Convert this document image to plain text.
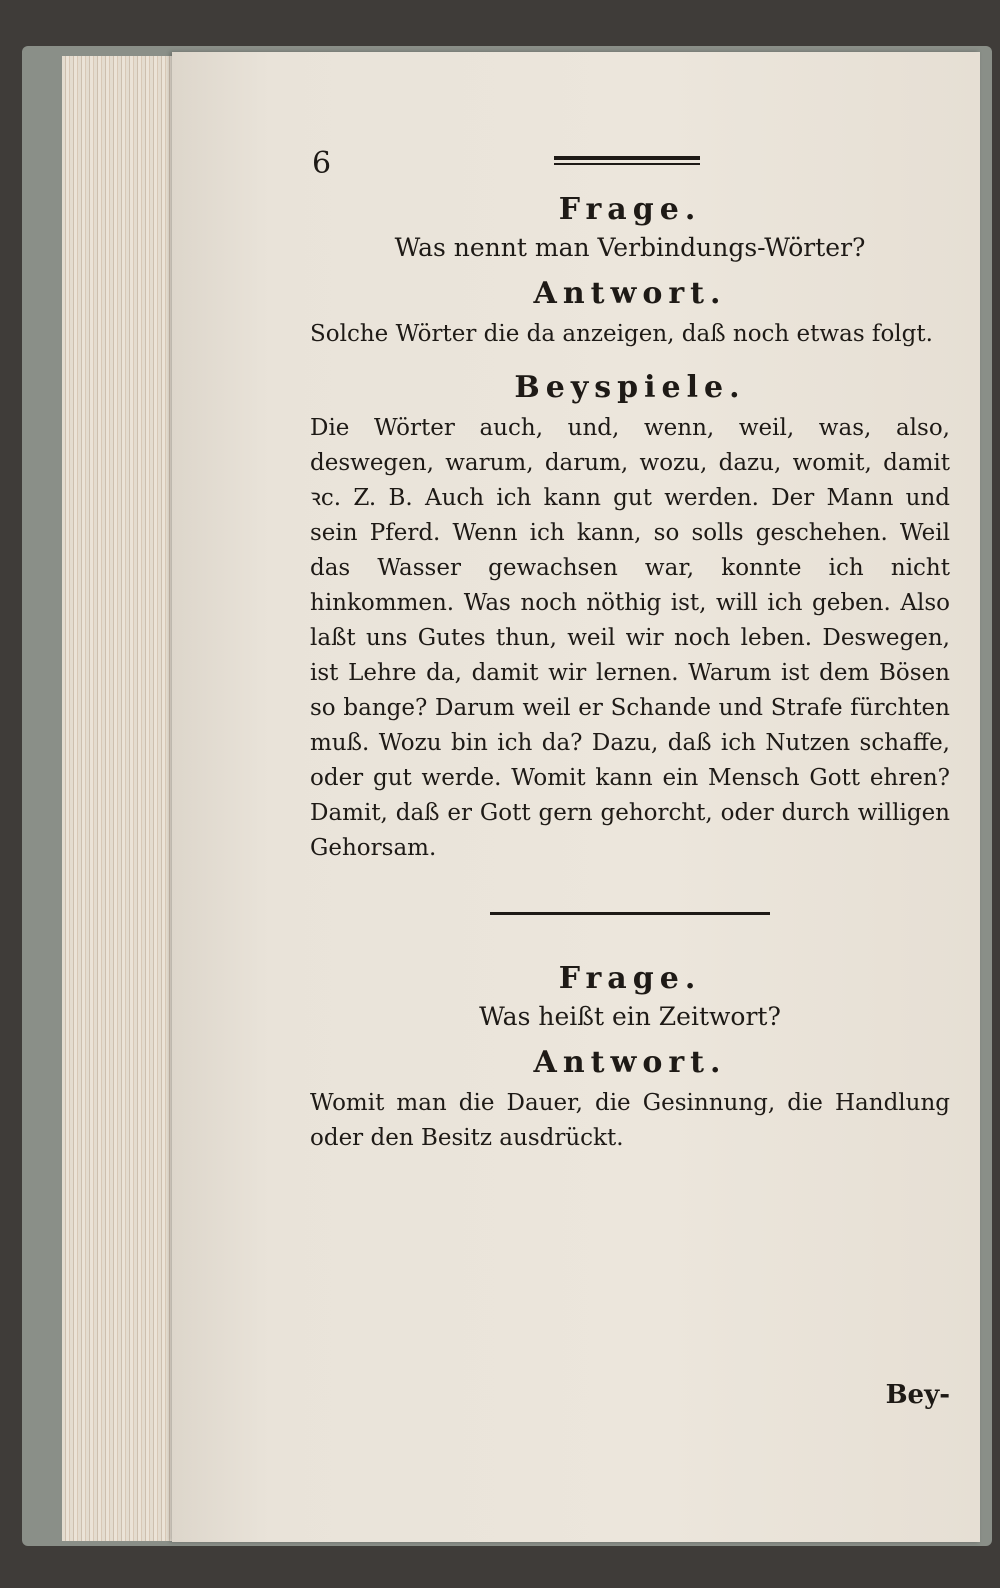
6
Frage.
Was nennt man Verbindungs-Wörter?
Antwort.

Solche Wörter die da anzeigen, daß noch etwas folgt.

Beyspiele.

Die Wörter auch, und, wenn, weil, was, also, deswegen, warum, darum, wozu, dazu, womit, damit ꝛc. Z. B. Auch ich kann gut werden. Der Mann und sein Pferd. Wenn ich kann, so solls geschehen. Weil das Wasser gewachsen war, konnte ich nicht hinkommen. Was noch nöthig ist, will ich geben. Also laßt uns Gutes thun, weil wir noch leben. Deswegen, ist Lehre da, damit wir lernen. Warum ist dem Bösen so bange? Darum weil er Schande und Strafe fürchten muß. Wozu bin ich da? Dazu, daß ich Nutzen schaffe, oder gut werde. Womit kann ein Mensch Gott ehren? Damit, daß er Gott gern gehorcht, oder durch willigen Gehorsam.

Frage.
Was heißt ein Zeitwort?
Antwort.

Womit man die Dauer, die Gesinnung, die Handlung oder den Besitz ausdrückt.

Bey-
